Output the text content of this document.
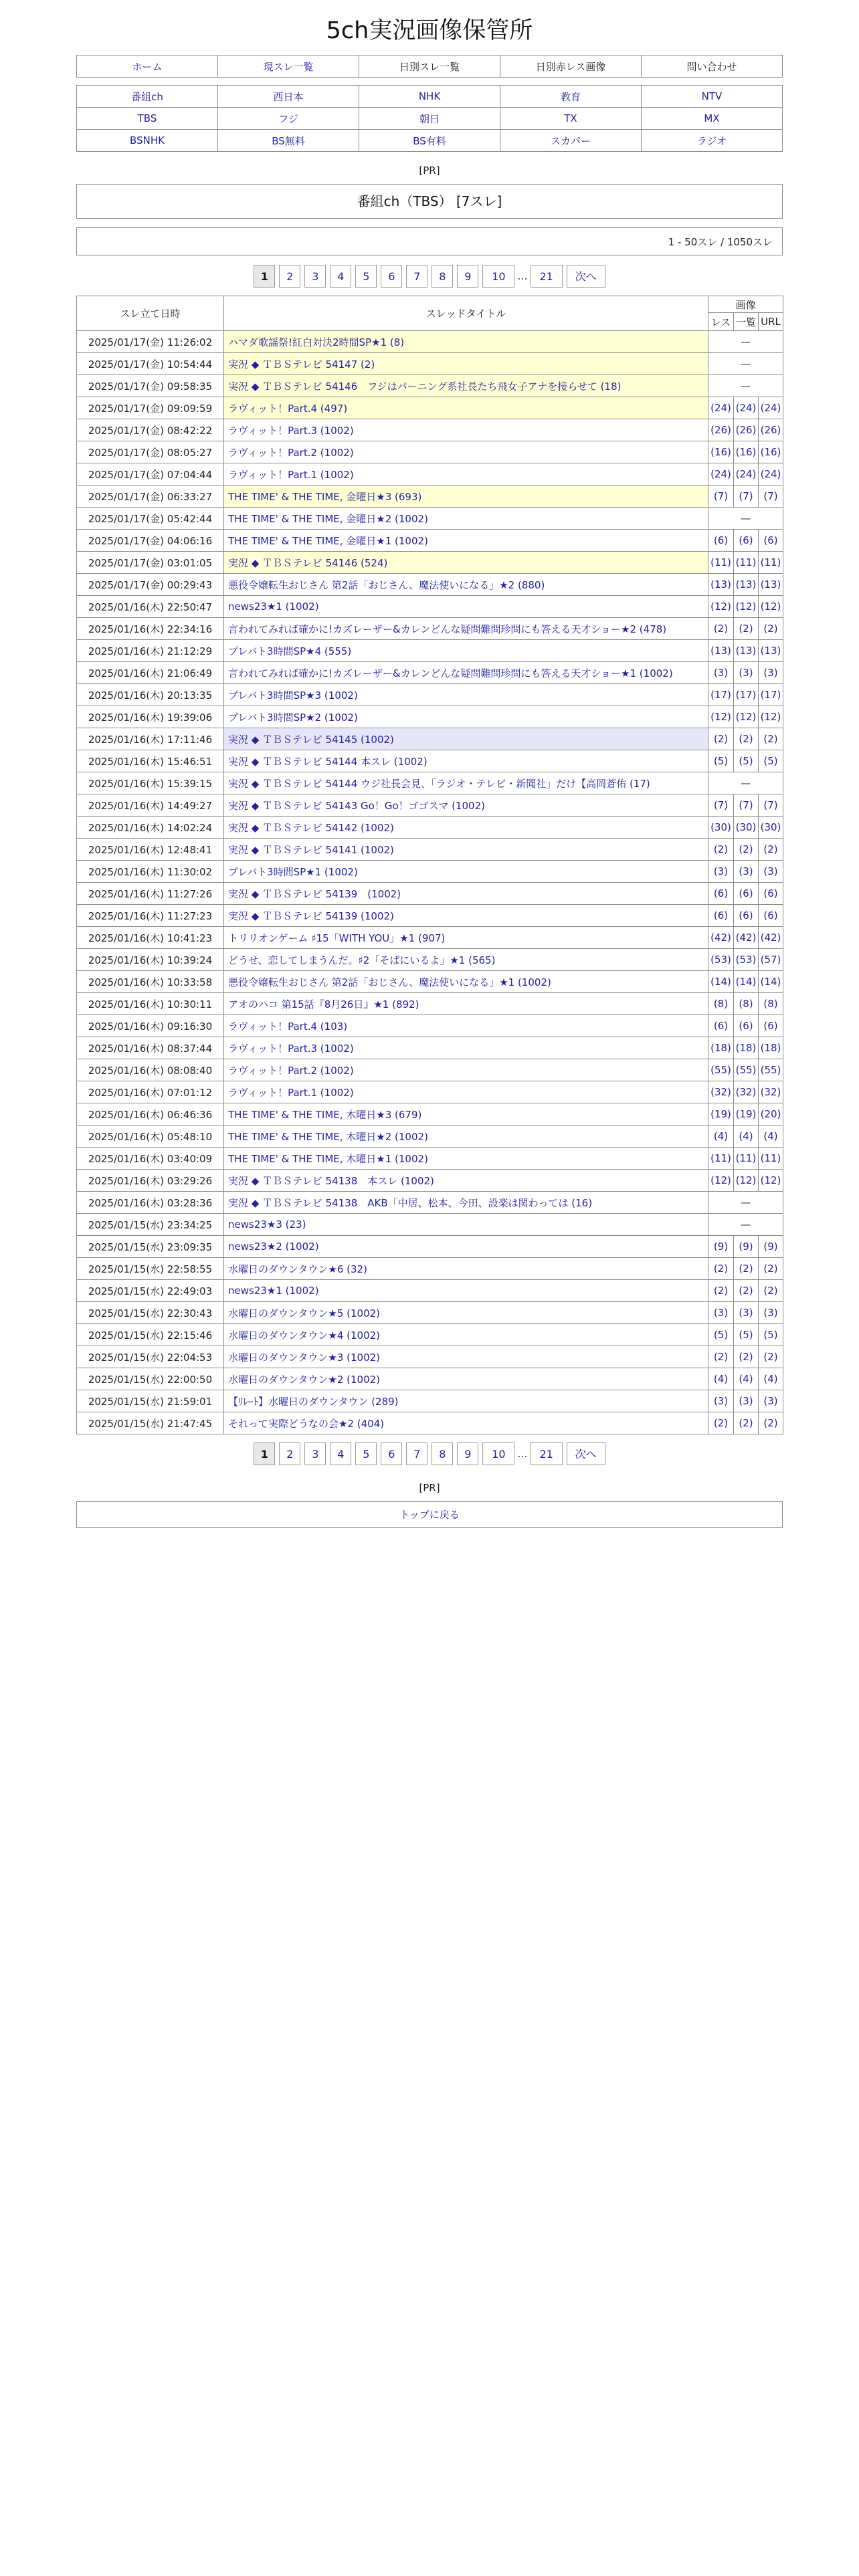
5ch実況画像保管所
ホーム	現スレ一覧	日別スレ一覧	日別赤レス画像	問い合わせ
番組ch	西日本	NHK	教育	NTV
TBS	フジ	朝日	TX	MX
BSNHK	BS無料	BS有料	スカパー	ラジオ
[PR]
番組ch（TBS） [7スレ]
1 - 50スレ / 1050スレ
1 2 3 4 5 6 7 8 9 10 ... 21 次へ
スレ立て日時	スレッドタイトル	画像		
		レス	一覧	URL
2025/01/17(金) 11:26:02	ハマダ歌謡祭!紅白対決2時間SP★1 (8)	—		
2025/01/17(金) 10:54:44	実況 ◆ ＴＢＳテレビ 54147 (2)	—		
2025/01/17(金) 09:58:35	実況 ◆ ＴＢＳテレビ 54146　フジはパーニング系社長たち飛女子アナを接らせて (18)	—		
2025/01/17(金) 09:09:59	ラヴィット！Part.4 (497)	(24)	(24)	(24)
2025/01/17(金) 08:42:22	ラヴィット！Part.3 (1002)	(26)	(26)	(26)
2025/01/17(金) 08:05:27	ラヴィット！Part.2 (1002)	(16)	(16)	(16)
2025/01/17(金) 07:04:44	ラヴィット！Part.1 (1002)	(24)	(24)	(24)
2025/01/17(金) 06:33:27	THE TIME' & THE TIME, 金曜日★3 (693)	(7)	(7)	(7)
2025/01/17(金) 05:42:44	THE TIME' & THE TIME, 金曜日★2 (1002)	—		
2025/01/17(金) 04:06:16	THE TIME' & THE TIME, 金曜日★1 (1002)	(6)	(6)	(6)
2025/01/17(金) 03:01:05	実況 ◆ ＴＢＳテレビ 54146 (524)	(11)	(11)	(11)
2025/01/17(金) 00:29:43	悪役令嬢転生おじさん 第2話「おじさん、魔法使いになる」★2 (880)	(13)	(13)	(13)
2025/01/16(木) 22:50:47	news23★1 (1002)	(12)	(12)	(12)
2025/01/16(木) 22:34:16	言われてみれば確かに!カズレーザー&カレンどんな疑問難問珍問にも答える天才ショー★2 (478)	(2)	(2)	(2)
2025/01/16(木) 21:12:29	プレバト3時間SP★4 (555)	(13)	(13)	(13)
2025/01/16(木) 21:06:49	言われてみれば確かに!カズレーザー&カレンどんな疑問難問珍問にも答える天才ショー★1 (1002)	(3)	(3)	(3)
2025/01/16(木) 20:13:35	プレバト3時間SP★3 (1002)	(17)	(17)	(17)
2025/01/16(木) 19:39:06	プレバト3時間SP★2 (1002)	(12)	(12)	(12)
2025/01/16(木) 17:11:46	実況 ◆ ＴＢＳテレビ 54145 (1002)	(2)	(2)	(2)
2025/01/16(木) 15:46:51	実況 ◆ ＴＢＳテレビ 54144 本スレ (1002)	(5)	(5)	(5)
2025/01/16(木) 15:39:15	実況 ◆ ＴＢＳテレビ 54144 ウジ社長会見、「ラジオ・テレビ・新聞社」だけ【高岡蒼佑 (17)	—		
2025/01/16(木) 14:49:27	実況 ◆ ＴＢＳテレビ 54143 Go！Go！ゴゴスマ (1002)	(7)	(7)	(7)
2025/01/16(木) 14:02:24	実況 ◆ ＴＢＳテレビ 54142 (1002)	(30)	(30)	(30)
2025/01/16(木) 12:48:41	実況 ◆ ＴＢＳテレビ 54141 (1002)	(2)	(2)	(2)
2025/01/16(木) 11:30:02	プレバト3時間SP★1 (1002)	(3)	(3)	(3)
2025/01/16(木) 11:27:26	実況 ◆ ＴＢＳテレビ 54139　(1002)	(6)	(6)	(6)
2025/01/16(木) 11:27:23	実況 ◆ ＴＢＳテレビ 54139 (1002)	(6)	(6)	(6)
2025/01/16(木) 10:41:23	トリリオンゲーム ♯15「WITH YOU」★1 (907)	(42)	(42)	(42)
2025/01/16(木) 10:39:24	どうせ、恋してしまうんだ。♯2「そばにいるよ」★1 (565)	(53)	(53)	(57)
2025/01/16(木) 10:33:58	悪役令嬢転生おじさん 第2話「おじさん、魔法使いになる」★1 (1002)	(14)	(14)	(14)
2025/01/16(木) 10:30:11	アオのハコ 第15話『8月26日』★1 (892)	(8)	(8)	(8)
2025/01/16(木) 09:16:30	ラヴィット！Part.4 (103)	(6)	(6)	(6)
2025/01/16(木) 08:37:44	ラヴィット！Part.3 (1002)	(18)	(18)	(18)
2025/01/16(木) 08:08:40	ラヴィット！Part.2 (1002)	(55)	(55)	(55)
2025/01/16(木) 07:01:12	ラヴィット！Part.1 (1002)	(32)	(32)	(32)
2025/01/16(木) 06:46:36	THE TIME' & THE TIME, 木曜日★3 (679)	(19)	(19)	(20)
2025/01/16(木) 05:48:10	THE TIME' & THE TIME, 木曜日★2 (1002)	(4)	(4)	(4)
2025/01/16(木) 03:40:09	THE TIME' & THE TIME, 木曜日★1 (1002)	(11)	(11)	(11)
2025/01/16(木) 03:29:26	実況 ◆ ＴＢＳテレビ 54138　本スレ (1002)	(12)	(12)	(12)
2025/01/16(木) 03:28:36	実況 ◆ ＴＢＳテレビ 54138　AKB「中居、松本、今田、設楽は関わっては (16)	—		
2025/01/15(水) 23:34:25	news23★3 (23)	—		
2025/01/15(水) 23:09:35	news23★2 (1002)	(9)	(9)	(9)
2025/01/15(水) 22:58:55	水曜日のダウンタウン★6 (32)	(2)	(2)	(2)
2025/01/15(水) 22:49:03	news23★1 (1002)	(2)	(2)	(2)
2025/01/15(水) 22:30:43	水曜日のダウンタウン★5 (1002)	(3)	(3)	(3)
2025/01/15(水) 22:15:46	水曜日のダウンタウン★4 (1002)	(5)	(5)	(5)
2025/01/15(水) 22:04:53	水曜日のダウンタウン★3 (1002)	(2)	(2)	(2)
2025/01/15(水) 22:00:50	水曜日のダウンタウン★2 (1002)	(4)	(4)	(4)
2025/01/15(水) 21:59:01	【ﾘﾚｰﾄ】水曜日のダウンタウン (289)	(3)	(3)	(3)
2025/01/15(水) 21:47:45	それって実際どうなの会★2 (404)	(2)	(2)	(2)
1 2 3 4 5 6 7 8 9 10 ... 21 次へ
[PR]
トップに戻る
